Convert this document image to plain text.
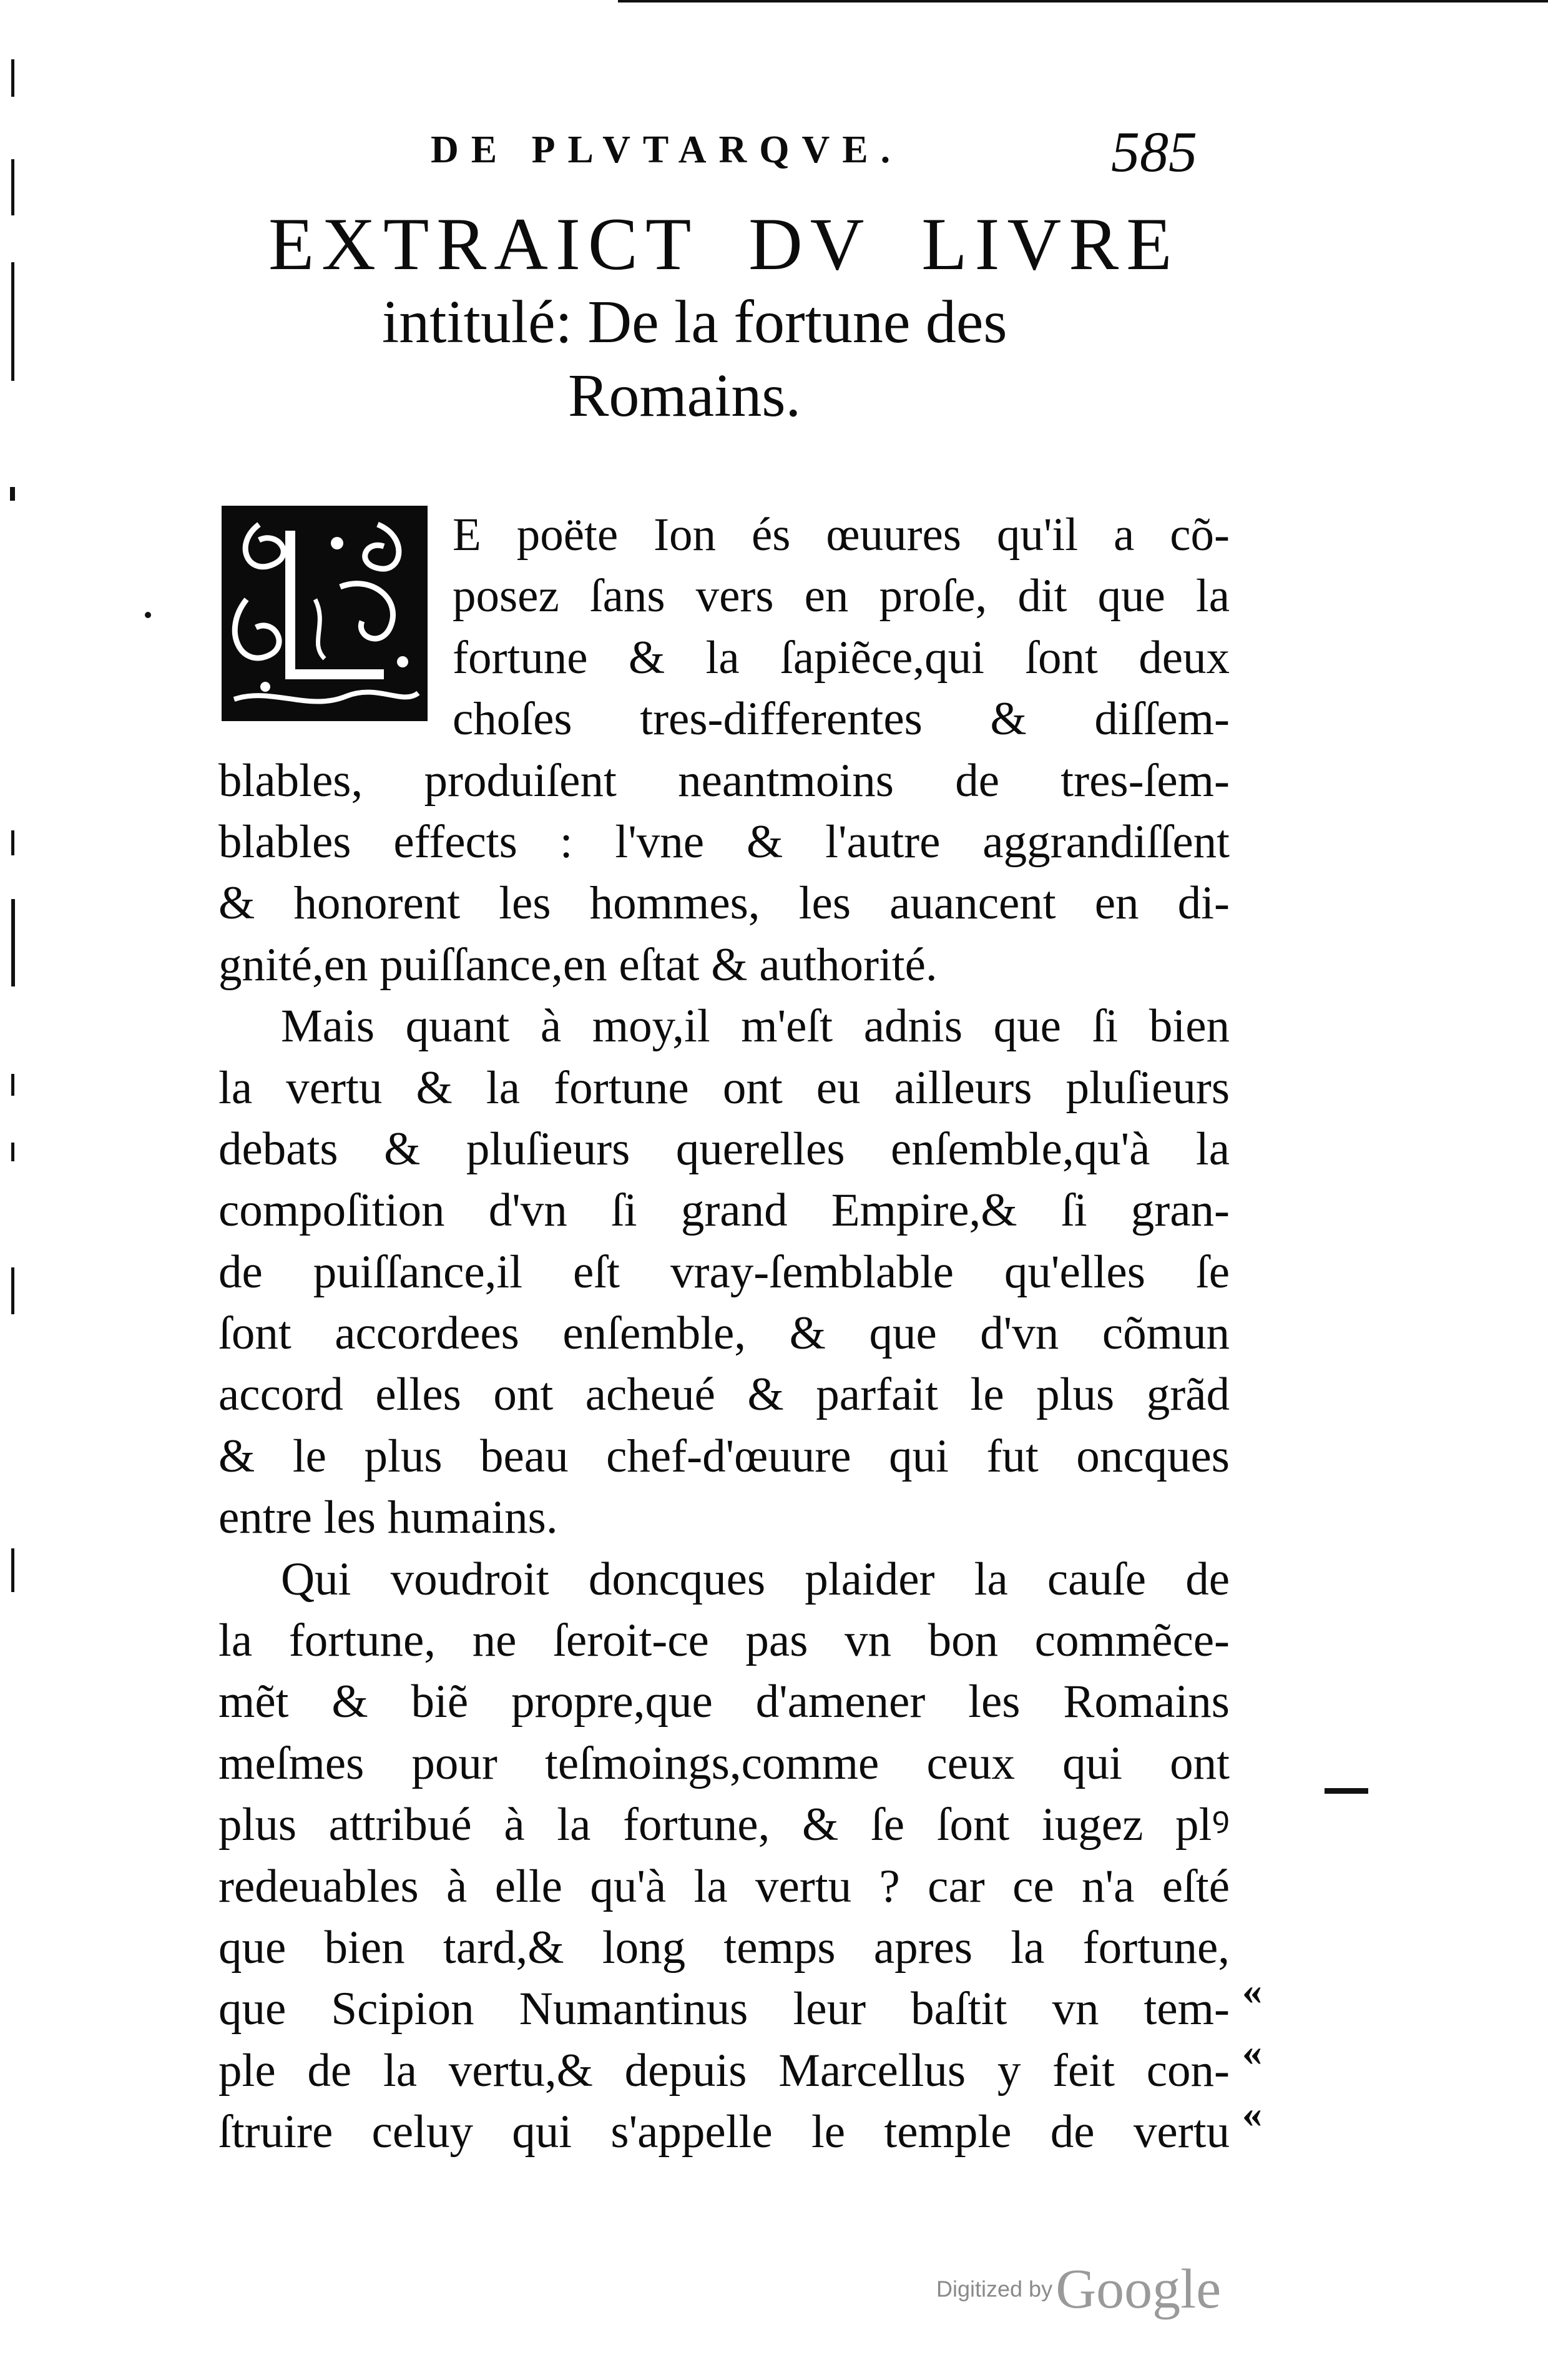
DE PLVTARQVE.	585
EXTRAICT DV LIVRE
intitulé: De la fortune des
Romains.
E poëte Ion és œuures qu'il a cõ-
posez ſans vers en proſe, dit que la
fortune & la ſapiẽce,qui ſont deux
choſes tres-differentes & diſſem-
blables, produiſent neantmoins de tres-ſem-
blables effects : l'vne & l'autre aggrandiſſent
& honorent les hommes, les auancent en di-
gnité,en puiſſance,en eſtat & authorité.
Mais quant à moy,il m'eſt adnis que ſi bien
la vertu & la fortune ont eu ailleurs pluſieurs
debats & pluſieurs querelles enſemble,qu'à la
compoſition d'vn ſi grand Empire,& ſi gran-
de puiſſance,il eſt vray-ſemblable qu'elles ſe
ſont accordees enſemble, & que d'vn cõmun
accord elles ont acheué & parfait le plus grãd
& le plus beau chef-d'œuure qui fut oncques
entre les humains.
Qui voudroit doncques plaider la cauſe de
la fortune, ne ſeroit-ce pas vn bon commẽce-
mẽt & biẽ propre,que d'amener les Romains
meſmes pour teſmoings,comme ceux qui ont
plus attribué à la fortune, & ſe ſont iugez plꝰ
redeuables à elle qu'à la vertu ? car ce n'a eſté
que bien tard,& long temps apres la fortune,
que Scipion Numantinus leur baſtit vn tem-
ple de la vertu,& depuis Marcellus y feit con-
ſtruire celuy qui s'appelle le temple de vertu
«
«
«
Digitized by Google
